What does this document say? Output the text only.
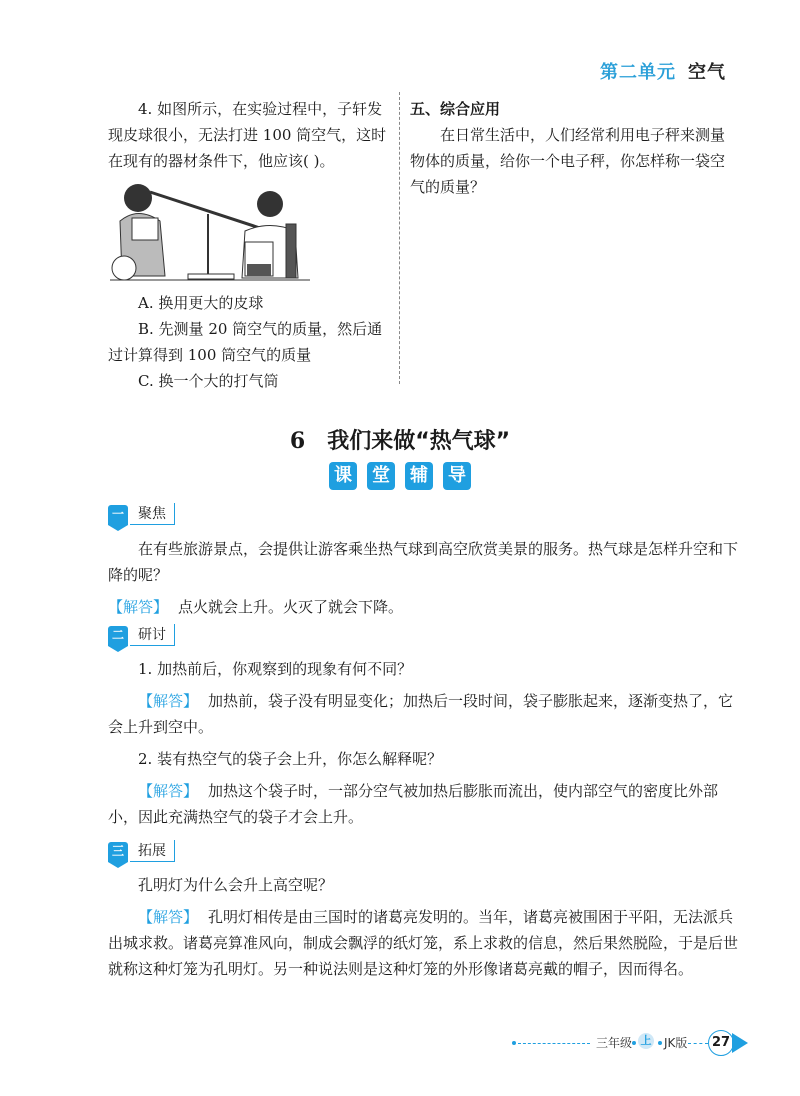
第二单元 空气
4. 如图所示，在实验过程中，子轩发现皮球很小，无法打进 100 筒空气，这时在现有的器材条件下，他应该( )。
A. 换用更大的皮球
B. 先测量 20 筒空气的质量，然后通过计算得到 100 筒空气的质量
C. 换一个大的打气筒
五、综合应用
在日常生活中，人们经常利用电子秤来测量物体的质量，给你一个电子秤，你怎样称一袋空气的质量？
6 我们来做“热气球”
课 堂 辅 导
一	聚焦
在有些旅游景点，会提供让游客乘坐热气球到高空欣赏美景的服务。热气球是怎样升空和下降的呢？
【解答】 点火就会上升。火灭了就会下降。
二	研讨
1. 加热前后，你观察到的现象有何不同？
【解答】 加热前，袋子没有明显变化；加热后一段时间，袋子膨胀起来，逐渐变热了，它会上升到空中。
2. 装有热空气的袋子会上升，你怎么解释呢？
【解答】 加热这个袋子时，一部分空气被加热后膨胀而流出，使内部空气的密度比外部小，因此充满热空气的袋子才会上升。
三	拓展
孔明灯为什么会升上高空呢？
【解答】 孔明灯相传是由三国时的诸葛亮发明的。当年，诸葛亮被围困于平阳，无法派兵出城求救。诸葛亮算准风向，制成会飘浮的纸灯笼，系上求救的信息，然后果然脱险，于是后世就称这种灯笼为孔明灯。另一种说法则是这种灯笼的外形像诸葛亮戴的帽子，因而得名。
三年级 上 JK版	27
